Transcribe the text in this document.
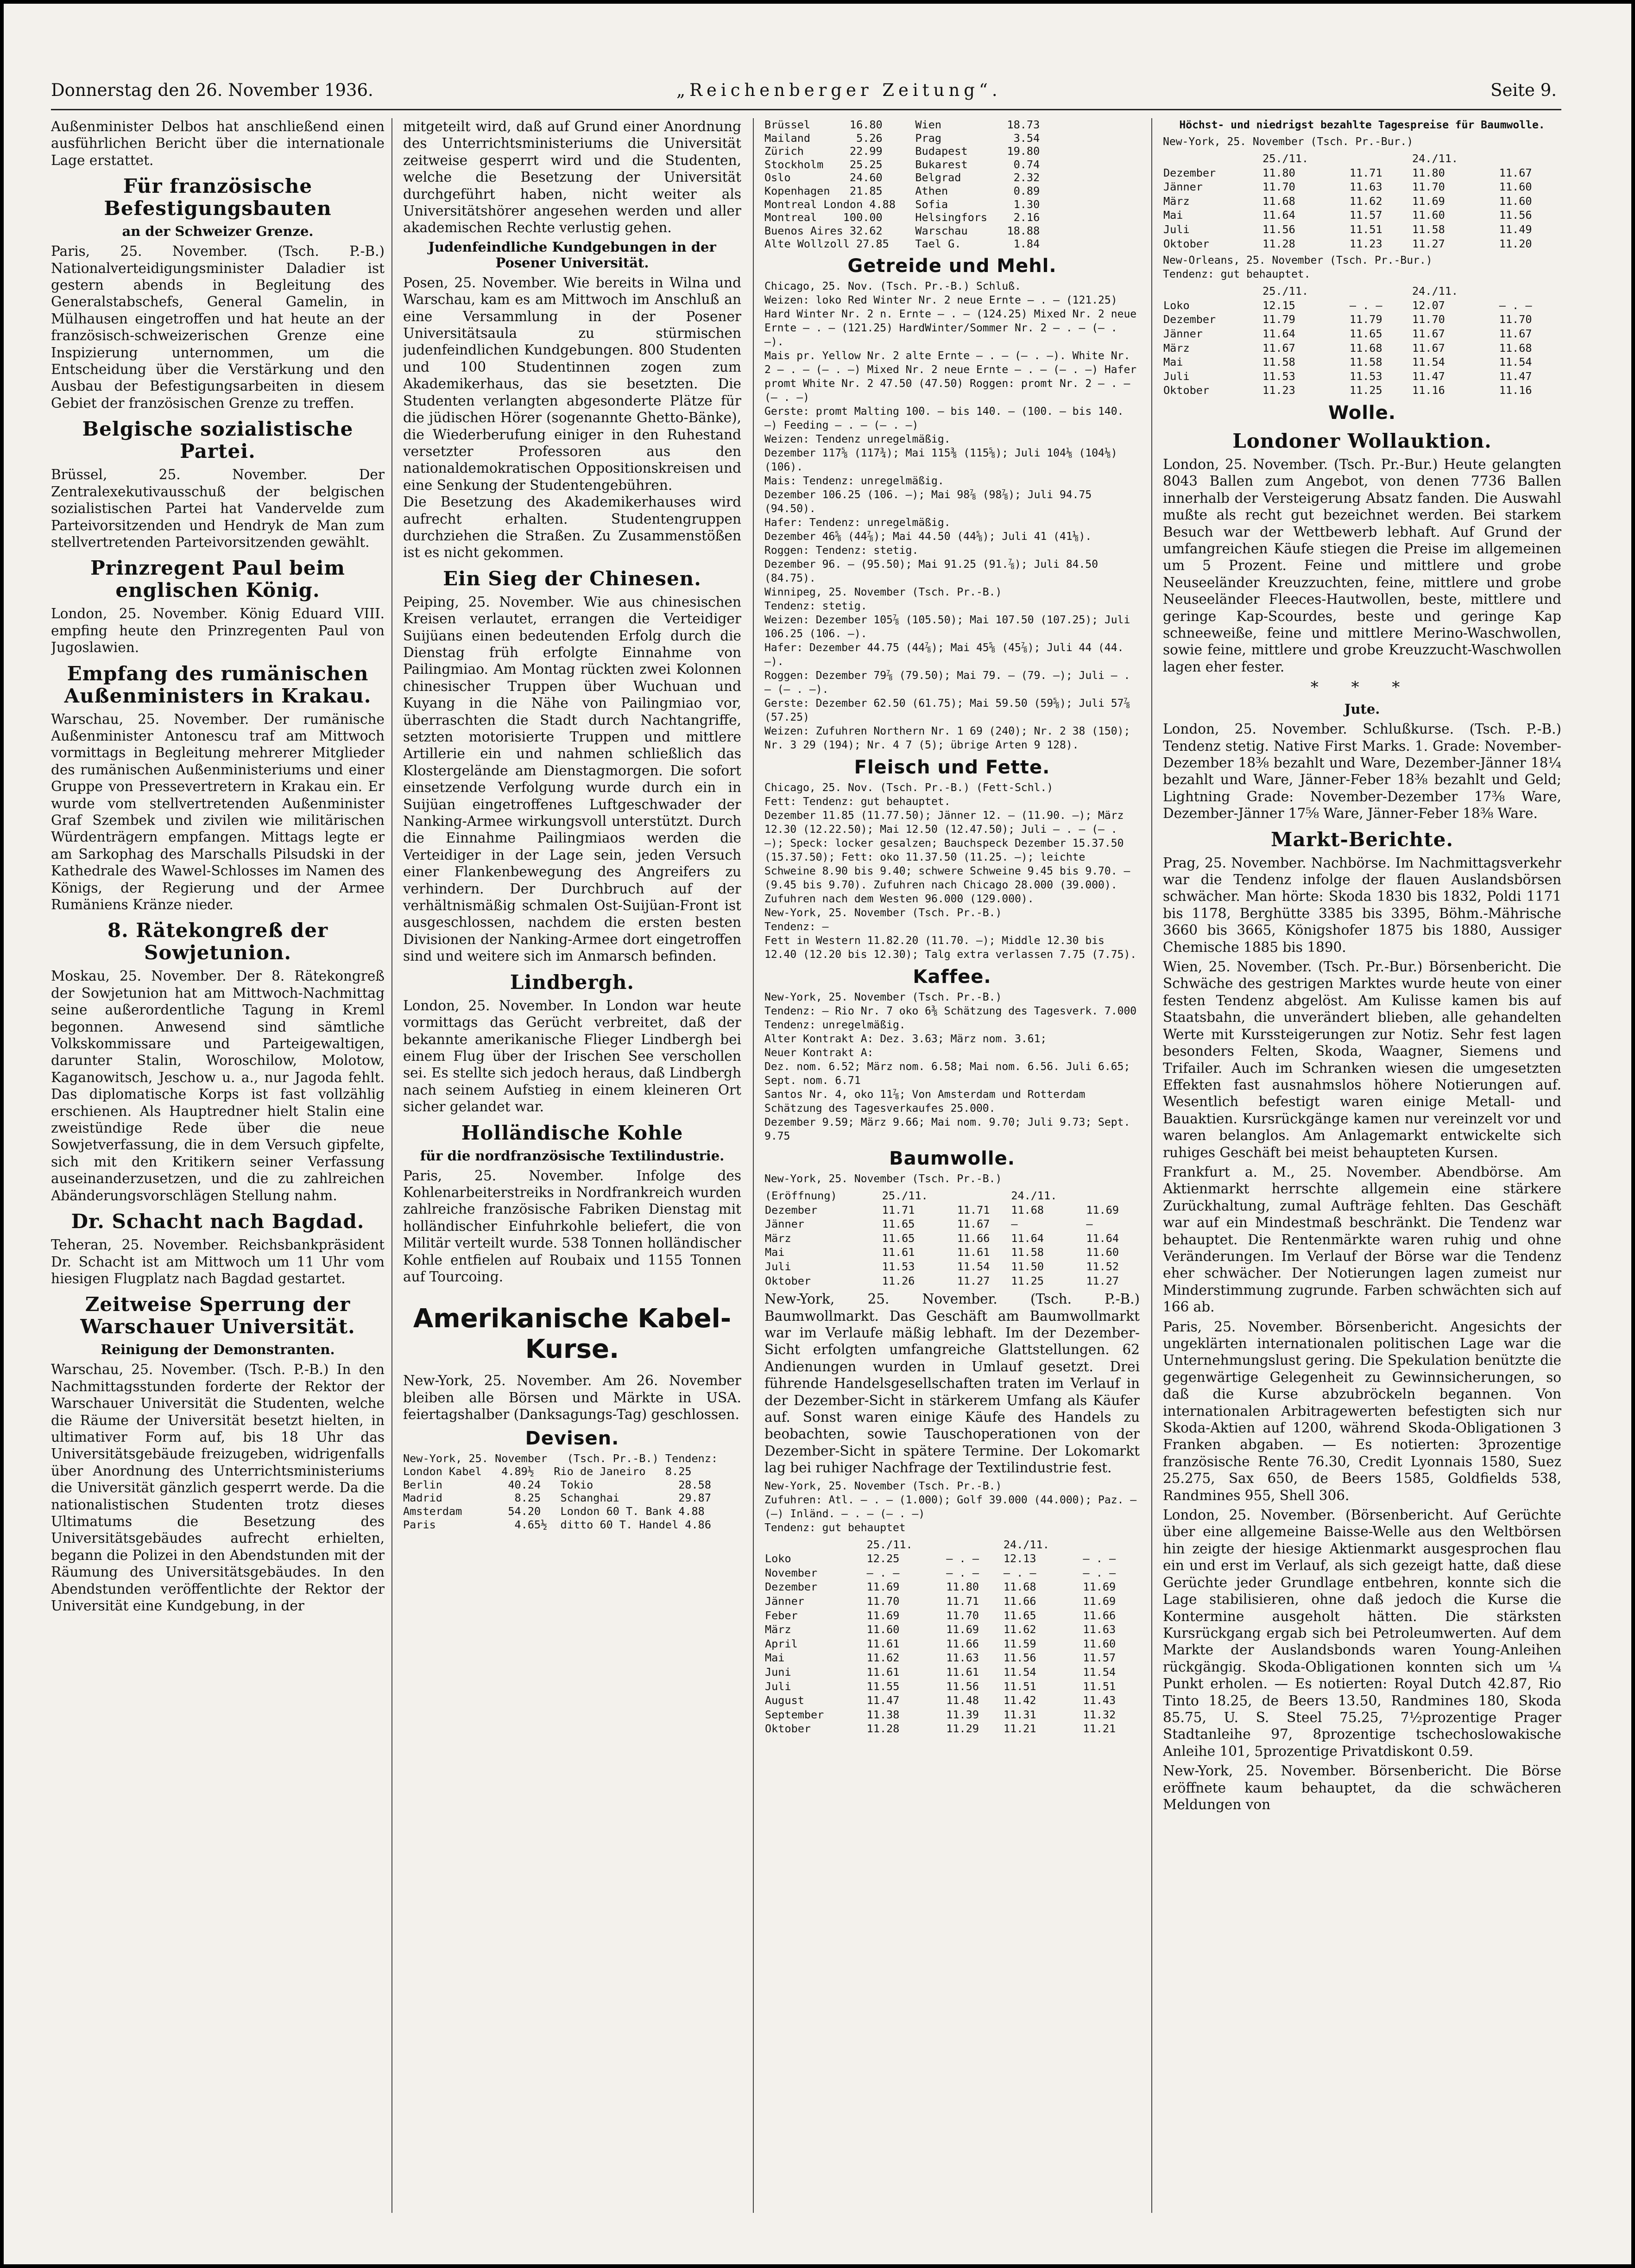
Donnerstag den 26. November 1936.	„Reichenberger Zeitung“.	Seite 9.

Außenminister Delbos hat anschließend einen ausführlichen Bericht über die internationale Lage erstattet.

Für französische Befestigungsbauten
an der Schweizer Grenze.

Paris, 25. November. (Tsch. P.-B.) Nationalverteidigungsminister Daladier ist gestern abends in Begleitung des Generalstabschefs, General Gamelin, in Mülhausen eingetroffen und hat heute an der französisch-schweizerischen Grenze eine Inspizierung unternommen, um die Entscheidung über die Verstärkung und den Ausbau der Befestigungsarbeiten in diesem Gebiet der französischen Grenze zu treffen.

Belgische sozialistische Partei.

Brüssel, 25. November. Der Zentralexekutivausschuß der belgischen sozialistischen Partei hat Vandervelde zum Parteivorsitzenden und Hendryk de Man zum stellvertretenden Parteivorsitzenden gewählt.

Prinzregent Paul beim englischen König.

London, 25. November. König Eduard VIII. empfing heute den Prinzregenten Paul von Jugoslawien.

Empfang des rumänischen Außenministers in Krakau.

Warschau, 25. November. Der rumänische Außenminister Antonescu traf am Mittwoch vormittags in Begleitung mehrerer Mitglieder des rumänischen Außenministeriums und einer Gruppe von Pressevertretern in Krakau ein. Er wurde vom stellvertretenden Außenminister Graf Szembek und zivilen wie militärischen Würdenträgern empfangen. Mittags legte er am Sarkophag des Marschalls Pilsudski in der Kathedrale des Wawel-Schlosses im Namen des Königs, der Regierung und der Armee Rumäniens Kränze nieder.

8. Rätekongreß der Sowjetunion.

Moskau, 25. November. Der 8. Rätekongreß der Sowjetunion hat am Mittwoch-Nachmittag seine außerordentliche Tagung in Kreml begonnen. Anwesend sind sämtliche Volkskommissare und Parteigewaltigen, darunter Stalin, Woroschilow, Molotow, Kaganowitsch, Jeschow u. a., nur Jagoda fehlt. Das diplomatische Korps ist fast vollzählig erschienen. Als Hauptredner hielt Stalin eine zweistündige Rede über die neue Sowjetverfassung, die in dem Versuch gipfelte, sich mit den Kritikern seiner Verfassung auseinanderzusetzen, und die zu zahlreichen Abänderungsvorschlägen Stellung nahm.

Dr. Schacht nach Bagdad.

Teheran, 25. November. Reichsbankpräsident Dr. Schacht ist am Mittwoch um 11 Uhr vom hiesigen Flugplatz nach Bagdad gestartet.

Zeitweise Sperrung der Warschauer Universität.
Reinigung der Demonstranten.

Warschau, 25. November. (Tsch. P.-B.) In den Nachmittagsstunden forderte der Rektor der Warschauer Universität die Studenten, welche die Räume der Universität besetzt hielten, in ultimativer Form auf, bis 18 Uhr das Universitätsgebäude freizugeben, widrigenfalls über Anordnung des Unterrichtsministeriums die Universität gänzlich gesperrt werde. Da die nationalistischen Studenten trotz dieses Ultimatums die Besetzung des Universitätsgebäudes aufrecht erhielten, begann die Polizei in den Abendstunden mit der Räumung des Universitätsgebäudes. In den Abendstunden veröffentlichte der Rektor der Universität eine Kundgebung, in der

mitgeteilt wird, daß auf Grund einer Anordnung des Unterrichtsministeriums die Universität zeitweise gesperrt wird und die Studenten, welche die Besetzung der Universität durchgeführt haben, nicht weiter als Universitätshörer angesehen werden und aller akademischen Rechte verlustig gehen.

Judenfeindliche Kundgebungen in der Posener Universität.

Posen, 25. November. Wie bereits in Wilna und Warschau, kam es am Mittwoch im Anschluß an eine Versammlung in der Posener Universitätsaula zu stürmischen judenfeindlichen Kundgebungen. 800 Studenten und 100 Studentinnen zogen zum Akademikerhaus, das sie besetzten. Die Studenten verlangten abgesonderte Plätze für die jüdischen Hörer (sogenannte Ghetto-Bänke), die Wiederberufung einiger in den Ruhestand versetzter Professoren aus den nationaldemokratischen Oppositionskreisen und eine Senkung der Studentengebühren.
Die Besetzung des Akademikerhauses wird aufrecht erhalten. Studentengruppen durchziehen die Straßen. Zu Zusammenstößen ist es nicht gekommen.

Ein Sieg der Chinesen.

Peiping, 25. November. Wie aus chinesischen Kreisen verlautet, errangen die Verteidiger Suijüans einen bedeutenden Erfolg durch die Dienstag früh erfolgte Einnahme von Pailingmiao. Am Montag rückten zwei Kolonnen chinesischer Truppen über Wuchuan und Kuyang in die Nähe von Pailingmiao vor, überraschten die Stadt durch Nachtangriffe, setzten motorisierte Truppen und mittlere Artillerie ein und nahmen schließlich das Klostergelände am Dienstagmorgen. Die sofort einsetzende Verfolgung wurde durch ein in Suijüan eingetroffenes Luftgeschwader der Nanking-Armee wirkungsvoll unterstützt. Durch die Einnahme Pailingmiaos werden die Verteidiger in der Lage sein, jeden Versuch einer Flankenbewegung des Angreifers zu verhindern. Der Durchbruch auf der verhältnismäßig schmalen Ost-Suijüan-Front ist ausgeschlossen, nachdem die ersten besten Divisionen der Nanking-Armee dort eingetroffen sind und weitere sich im Anmarsch befinden.

Lindbergh.

London, 25. November. In London war heute vormittags das Gerücht verbreitet, daß der bekannte amerikanische Flieger Lindbergh bei einem Flug über der Irischen See verschollen sei. Es stellte sich jedoch heraus, daß Lindbergh nach seinem Aufstieg in einem kleineren Ort sicher gelandet war.

Holländische Kohle
für die nordfranzösische Textilindustrie.

Paris, 25. November. Infolge des Kohlenarbeiterstreiks in Nordfrankreich wurden zahlreiche französische Fabriken Dienstag mit holländischer Einfuhrkohle beliefert, die von Militär verteilt wurde. 538 Tonnen holländischer Kohle entfielen auf Roubaix und 1155 Tonnen auf Tourcoing.

Amerikanische Kabel-Kurse.

New-York, 25. November. Am 26. November bleiben alle Börsen und Märkte in USA. feiertagshalber (Danksagungs-Tag) geschlossen.

Devisen.
New-York, 25. November   (Tsch. Pr.-B.) Tendenz:
London Kabel   4.89½   Rio de Janeiro   8.25
Berlin          40.24   Tokio             28.58
Madrid           8.25   Schanghai         29.87
Amsterdam       54.20   London 60 T. Bank 4.88
Paris            4.65½  ditto 60 T. Handel 4.86
Brüssel      16.80     Wien          18.73
Mailand       5.26     Prag           3.54
Zürich       22.99     Budapest      19.80
Stockholm    25.25     Bukarest       0.74
Oslo         24.60     Belgrad        2.32
Kopenhagen   21.85     Athen          0.89
Montreal London 4.88   Sofia          1.30
Montreal    100.00     Helsingfors    2.16
Buenos Aires 32.62     Warschau      18.88
Alte Wollzoll 27.85    Tael G.        1.84
Getreide und Mehl.
Chicago, 25. Nov. (Tsch. Pr.-B.) Schluß.
Weizen: loko Red Winter Nr. 2 neue Ernte — . — (121.25) Hard Winter Nr. 2 n. Ernte — . — (124.25) Mixed Nr. 2 neue Ernte — . — (121.25) HardWinter/Sommer Nr. 2 — . — (— . —).
Mais pr. Yellow Nr. 2 alte Ernte — . — (— . —). White Nr. 2 — . — (— . —) Mixed Nr. 2 neue Ernte — . — (— . —) Hafer promt White Nr. 2 47.50 (47.50) Roggen: promt Nr. 2 — . — (— . —)
Gerste: promt Malting 100. — bis 140. — (100. — bis 140. —) Feeding — . — (— . —)
Weizen: Tendenz unregelmäßig.
Dezember 117⅝ (117¾); Mai 115⅜ (115⅝); Juli 104⅛ (104⅛) (106).
Mais: Tendenz: unregelmäßig.
Dezember 106.25 (106. —); Mai 98⅞ (98⅞); Juli 94.75 (94.50).
Hafer: Tendenz: unregelmäßig.
Dezember 46⅝ (44⅞); Mai 44.50 (44⅝); Juli 41 (41⅛).
Roggen: Tendenz: stetig.
Dezember 96. — (95.50); Mai 91.25 (91.⅞); Juli 84.50 (84.75).
Winnipeg, 25. November (Tsch. Pr.-B.)
Tendenz: stetig.
Weizen: Dezember 105⅞ (105.50); Mai 107.50 (107.25); Juli 106.25 (106. —).
Hafer: Dezember 44.75 (44⅞); Mai 45⅝ (45⅞); Juli 44 (44. —).
Roggen: Dezember 79⅞ (79.50); Mai 79. — (79. —); Juli — . — (— . —).
Gerste: Dezember 62.50 (61.75); Mai 59.50 (59⅝); Juli 57⅞ (57.25)
Weizen: Zufuhren Northern Nr. 1 69 (240); Nr. 2 38 (150); Nr. 3 29 (194); Nr. 4 7 (5); übrige Arten 9 128).
Fleisch und Fette.
Chicago, 25. Nov. (Tsch. Pr.-B.) (Fett-Schl.)
Fett: Tendenz: gut behauptet.
Dezember 11.85 (11.77.50); Jänner 12. — (11.90. —); März 12.30 (12.22.50); Mai 12.50 (12.47.50); Juli — . — (— . —); Speck: locker gesalzen; Bauchspeck Dezember 15.37.50 (15.37.50); Fett: oko 11.37.50 (11.25. —); leichte Schweine 8.90 bis 9.40; schwere Schweine 9.45 bis 9.70. — (9.45 bis 9.70). Zufuhren nach Chicago 28.000 (39.000). Zufuhren nach dem Westen 96.000 (129.000).
New-York, 25. November (Tsch. Pr.-B.)
Tendenz: —
Fett in Western 11.82.20 (11.70. —); Middle 12.30 bis 12.40 (12.20 bis 12.30); Talg extra verlassen 7.75 (7.75).
Kaffee.
New-York, 25. November (Tsch. Pr.-B.)
Tendenz: — Rio Nr. 7 oko 6⅜ Schätzung des Tagesverk. 7.000 Tendenz: unregelmäßig.
Alter Kontrakt A: Dez. 3.63; März nom. 3.61;
Neuer Kontrakt A:
Dez. nom. 6.52; März nom. 6.58; Mai nom. 6.56. Juli 6.65; Sept. nom. 6.71
Santos Nr. 4, oko 11⅞; Von Amsterdam und Rotterdam Schätzung des Tagesverkaufes 25.000.
Dezember 9.59; März 9.66; Mai nom. 9.70; Juli 9.73; Sept. 9.75
Baumwolle.
New-York, 25. November (Tsch. Pr.-B.)
(Eröffnung)	25./11.		24./11.	
Dezember	11.71	11.71	11.68	11.69
Jänner	11.65	11.67	—	—
März	11.65	11.66	11.64	11.64
Mai	11.61	11.61	11.58	11.60
Juli	11.53	11.54	11.50	11.52
Oktober	11.26	11.27	11.25	11.27

New-York, 25. November. (Tsch. P.-B.) Baumwollmarkt. Das Geschäft am Baumwollmarkt war im Verlaufe mäßig lebhaft. Im der Dezember-Sicht erfolgten umfangreiche Glattstellungen. 62 Andienungen wurden in Umlauf gesetzt. Drei führende Handelsgesellschaften traten im Verlauf in der Dezember-Sicht in stärkerem Umfang als Käufer auf. Sonst waren einige Käufe des Handels zu beobachten, sowie Tauschoperationen von der Dezember-Sicht in spätere Termine. Der Lokomarkt lag bei ruhiger Nachfrage der Textilindustrie fest.

New-York, 25. November (Tsch. Pr.-B.)
Zufuhren: Atl. — . — (1.000); Golf 39.000 (44.000); Paz. — (—) Inländ. — . — (— . —)
Tendenz: gut behauptet
	25./11.		24./11.	
Loko	12.25	— . —	12.13	— . —
November	— . —	— . —	— . —	— . —
Dezember	11.69	11.80	11.68	11.69
Jänner	11.70	11.71	11.66	11.69
Feber	11.69	11.70	11.65	11.66
März	11.60	11.69	11.62	11.63
April	11.61	11.66	11.59	11.60
Mai	11.62	11.63	11.56	11.57
Juni	11.61	11.61	11.54	11.54
Juli	11.55	11.56	11.51	11.51
August	11.47	11.48	11.42	11.43
September	11.38	11.39	11.31	11.32
Oktober	11.28	11.29	11.21	11.21
Höchst- und niedrigst bezahlte Tagespreise für Baumwolle.
New-York, 25. November (Tsch. Pr.-Bur.)
	25./11.		24./11.	
Dezember	11.80	11.71	11.80	11.67
Jänner	11.70	11.63	11.70	11.60
März	11.68	11.62	11.69	11.60
Mai	11.64	11.57	11.60	11.56
Juli	11.56	11.51	11.58	11.49
Oktober	11.28	11.23	11.27	11.20
New-Orleans, 25. November (Tsch. Pr.-Bur.)
Tendenz: gut behauptet.
	25./11.		24./11.	
Loko	12.15	— . —	12.07	— . —
Dezember	11.79	11.79	11.70	11.70
Jänner	11.64	11.65	11.67	11.67
März	11.67	11.68	11.67	11.68
Mai	11.58	11.58	11.54	11.54
Juli	11.53	11.53	11.47	11.47
Oktober	11.23	11.25	11.16	11.16
Wolle.
Londoner Wollauktion.

London, 25. November. (Tsch. Pr.-Bur.) Heute gelangten 8043 Ballen zum Angebot, von denen 7736 Ballen innerhalb der Versteigerung Absatz fanden. Die Auswahl mußte als recht gut bezeichnet werden. Bei starkem Besuch war der Wettbewerb lebhaft. Auf Grund der umfangreichen Käufe stiegen die Preise im allgemeinen um 5 Prozent. Feine und mittlere und grobe Neuseeländer Kreuzzuchten, feine, mittlere und grobe Neuseeländer Fleeces-Hautwollen, beste, mittlere und geringe Kap-Scourdes, beste und geringe Kap schneeweiße, feine und mittlere Merino-Waschwollen, sowie feine, mittlere und grobe Kreuzzucht-Waschwollen lagen eher fester.

* * *
Jute.

London, 25. November. Schlußkurse. (Tsch. P.-B.) Tendenz stetig. Native First Marks. 1. Grade: November-Dezember 18⅜ bezahlt und Ware, Dezember-Jänner 18¼ bezahlt und Ware, Jänner-Feber 18⅜ bezahlt und Geld; Lightning Grade: November-Dezember 17⅜ Ware, Dezember-Jänner 17⅝ Ware, Jänner-Feber 18⅜ Ware.

Markt-Berichte.

Prag, 25. November. Nachbörse. Im Nachmittagsverkehr war die Tendenz infolge der flauen Auslandsbörsen schwächer. Man hörte: Skoda 1830 bis 1832, Poldi 1171 bis 1178, Berghütte 3385 bis 3395, Böhm.-Mährische 3660 bis 3665, Königshofer 1875 bis 1880, Aussiger Chemische 1885 bis 1890.

Wien, 25. November. (Tsch. Pr.-Bur.) Börsenbericht. Die Schwäche des gestrigen Marktes wurde heute von einer festen Tendenz abgelöst. Am Kulisse kamen bis auf Staatsbahn, die unverändert blieben, alle gehandelten Werte mit Kurssteigerungen zur Notiz. Sehr fest lagen besonders Felten, Skoda, Waagner, Siemens und Trifailer. Auch im Schranken wiesen die umgesetzten Effekten fast ausnahmslos höhere Notierungen auf. Wesentlich befestigt waren einige Metall- und Bauaktien. Kursrückgänge kamen nur vereinzelt vor und waren belanglos. Am Anlagemarkt entwickelte sich ruhiges Geschäft bei meist behaupteten Kursen.

Frankfurt a. M., 25. November. Abendbörse. Am Aktienmarkt herrschte allgemein eine stärkere Zurückhaltung, zumal Aufträge fehlten. Das Geschäft war auf ein Mindestmaß beschränkt. Die Tendenz war behauptet. Die Rentenmärkte waren ruhig und ohne Veränderungen. Im Verlauf der Börse war die Tendenz eher schwächer. Der Notierungen lagen zumeist nur Minderstimmung zugrunde. Farben schwächten sich auf 166 ab.

Paris, 25. November. Börsenbericht. Angesichts der ungeklärten internationalen politischen Lage war die Unternehmungslust gering. Die Spekulation benützte die gegenwärtige Gelegenheit zu Gewinnsicherungen, so daß die Kurse abzubröckeln begannen. Von internationalen Arbitragewerten befestigten sich nur Skoda-Aktien auf 1200, während Skoda-Obligationen 3 Franken abgaben. — Es notierten: 3prozentige französische Rente 76.30, Credit Lyonnais 1580, Suez 25.275, Sax 650, de Beers 1585, Goldfields 538, Randmines 955, Shell 306.

London, 25. November. (Börsenbericht. Auf Gerüchte über eine allgemeine Baisse-Welle aus den Weltbörsen hin zeigte der hiesige Aktienmarkt ausgesprochen flau ein und erst im Verlauf, als sich gezeigt hatte, daß diese Gerüchte jeder Grundlage entbehren, konnte sich die Lage stabilisieren, ohne daß jedoch die Kurse die Kontermine ausgeholt hätten. Die stärksten Kursrückgang ergab sich bei Petroleumwerten. Auf dem Markte der Auslandsbonds waren Young-Anleihen rückgängig. Skoda-Obligationen konnten sich um ¼ Punkt erholen. — Es notierten: Royal Dutch 42.87, Rio Tinto 18.25, de Beers 13.50, Randmines 180, Skoda 85.75, U. S. Steel 75.25, 7½prozentige Prager Stadtanleihe 97, 8prozentige tschechoslowakische Anleihe 101, 5prozentige Privatdiskont 0.59.

New-York, 25. November. Börsenbericht. Die Börse eröffnete kaum behauptet, da die schwächeren Meldungen von
